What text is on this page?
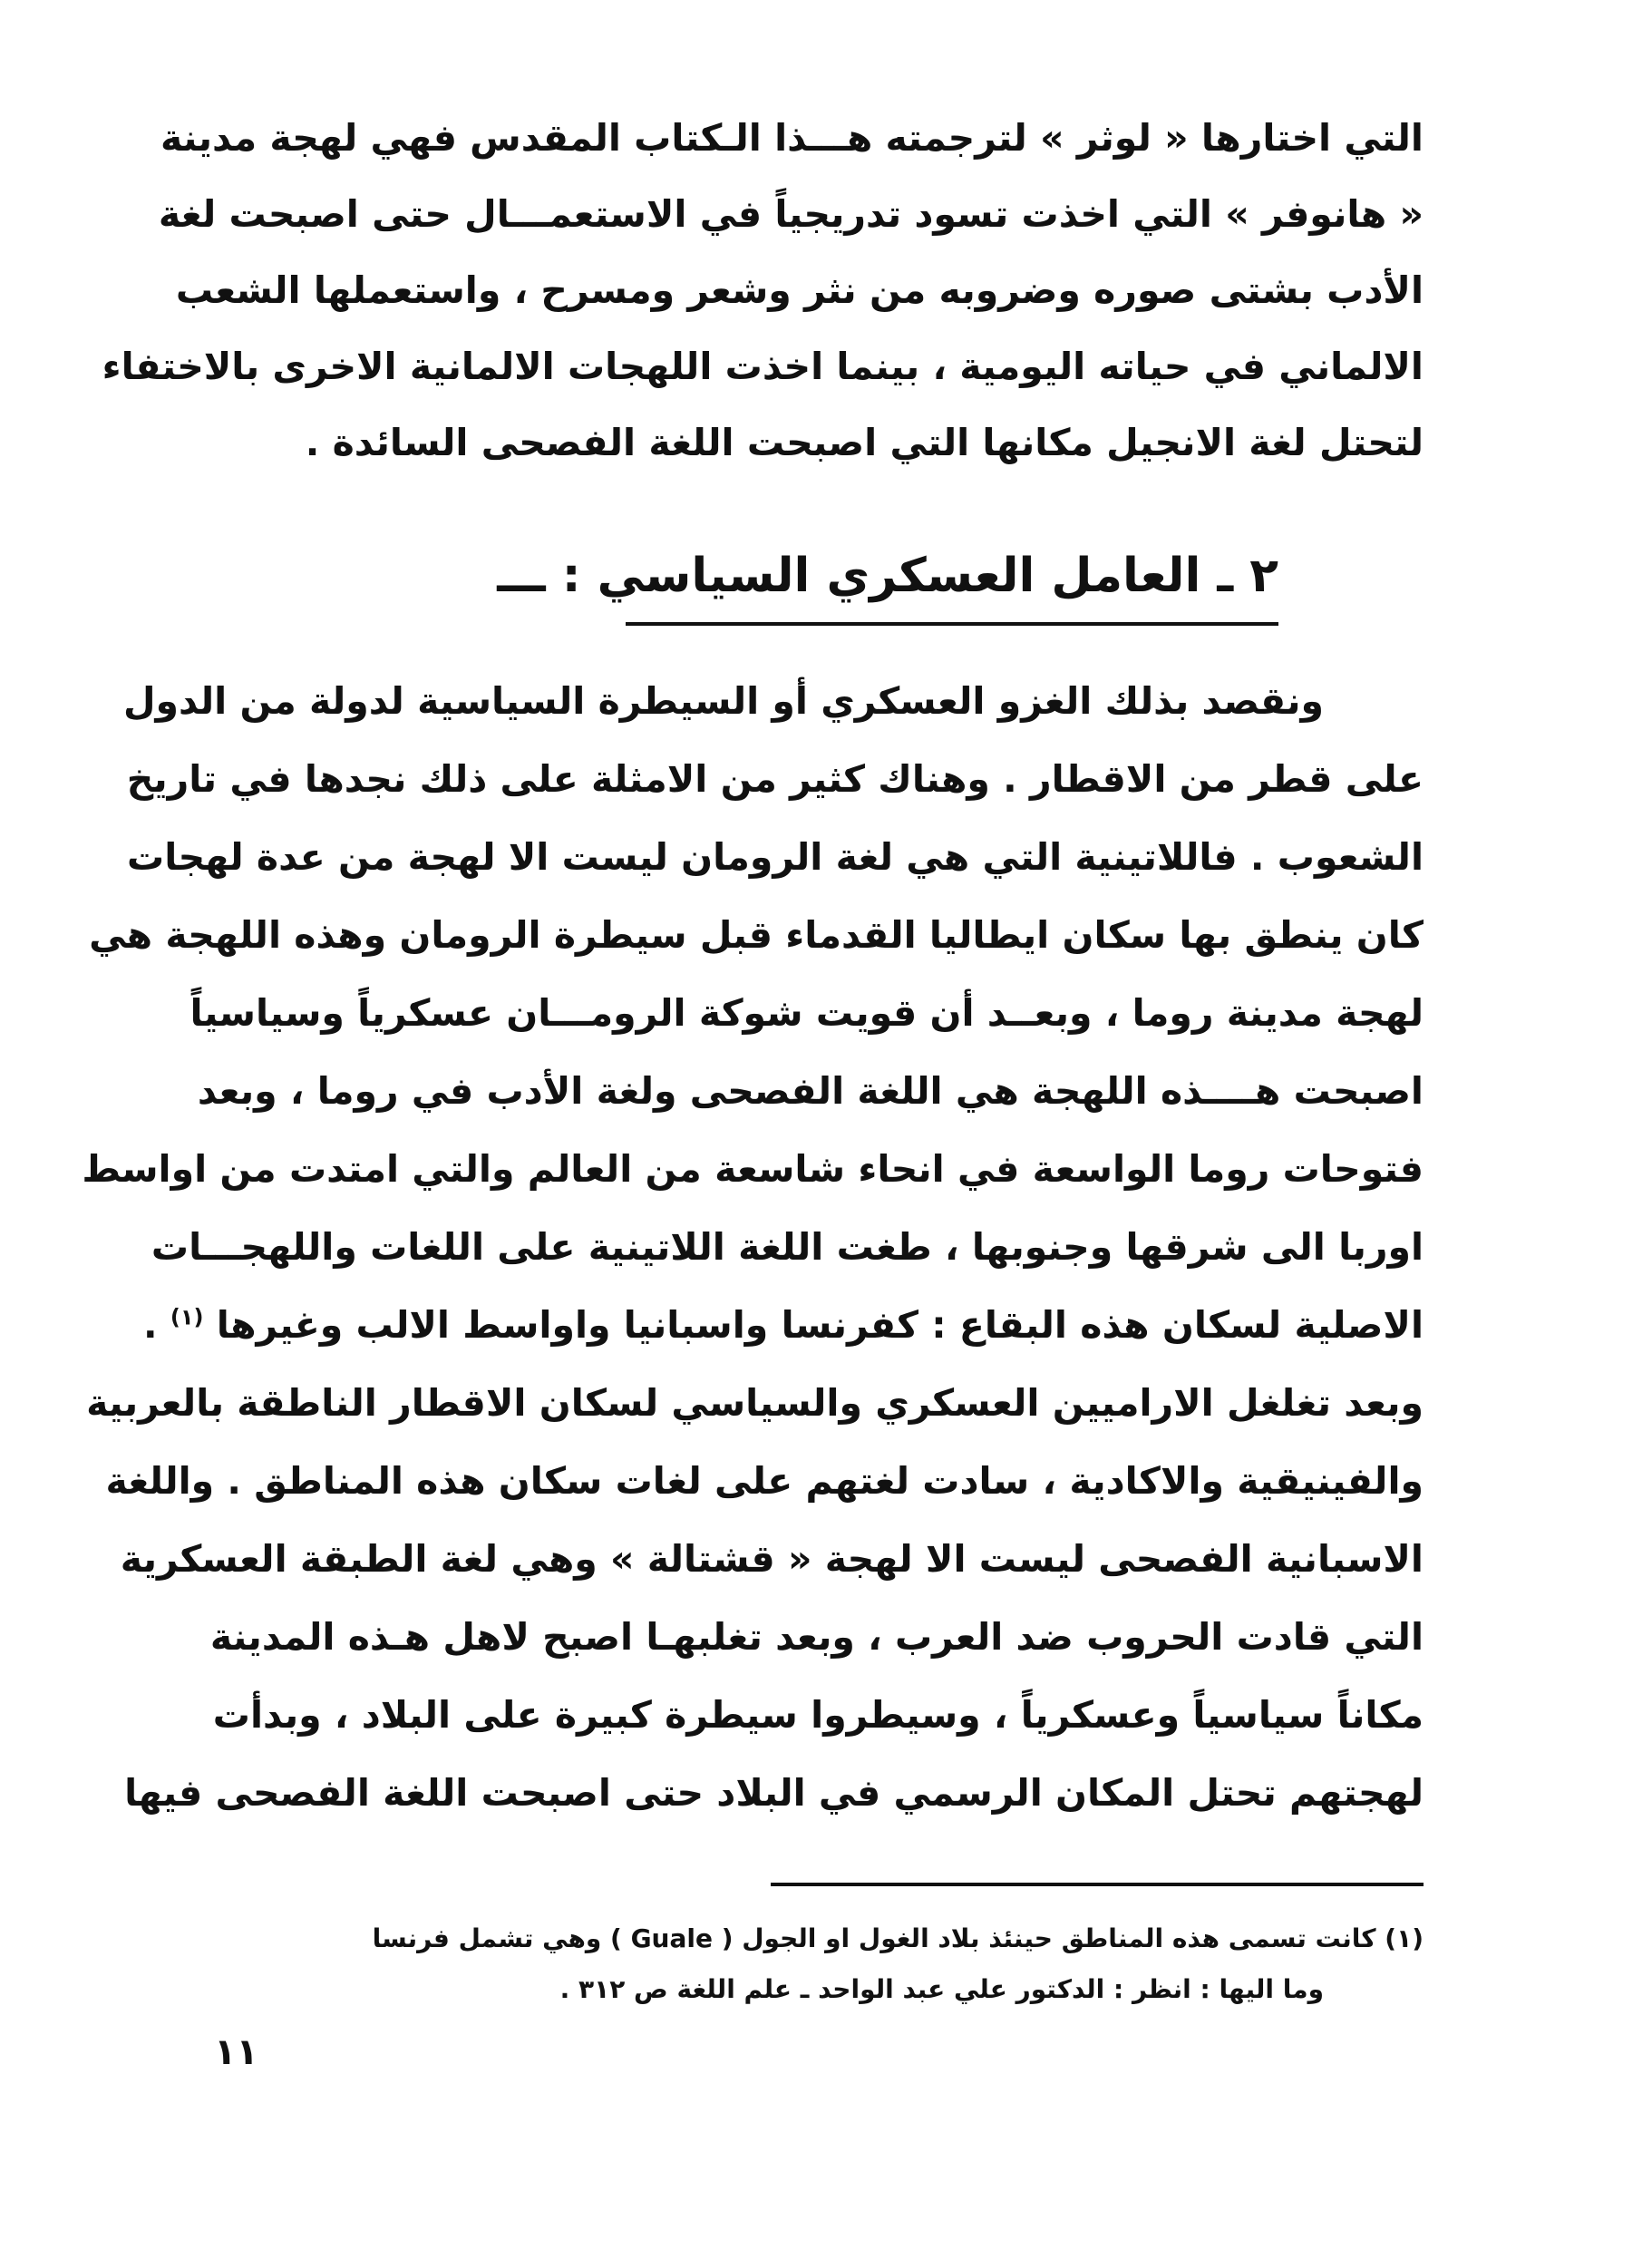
التي اختارها « لوثر » لترجمته هـــذا الـكتاب المقدس فهي لهجة مدينة
« هانوفر » التي اخذت تسود تدريجياً في الاستعمـــال حتى اصبحت لغة
الأدب بشتى صوره وضروبه من نثر وشعر ومسرح ، واستعملها الشعب
الالماني في حياته اليومية ، بينما اخذت اللهجات الالمانية الاخرى بالاختفاء
لتحتل لغة الانجيل مكانها التي اصبحت اللغة الفصحى السائدة .
٢ ـ العامل العسكري السياسي : ـــ
ونقصد بذلك الغزو العسكري أو السيطرة السياسية لدولة من الدول
على قطر من الاقطار . وهناك كثير من الامثلة على ذلك نجدها في تاريخ
الشعوب . فاللاتينية التي هي لغة الرومان ليست الا لهجة من عدة لهجات
كان ينطق بها سكان ايطاليا القدماء قبل سيطرة الرومان وهذه اللهجة هي
لهجة مدينة روما ، وبعــد أن قويت شوكة الرومـــان عسكرياً وسياسياً
اصبحت هــــذه اللهجة هي اللغة الفصحى ولغة الأدب في روما ، وبعد
فتوحات روما الواسعة في انحاء شاسعة من العالم والتي امتدت من اواسط
اوربا الى شرقها وجنوبها ، طغت اللغة اللاتينية على اللغات واللهجـــات
الاصلية لسكان هذه البقاع : كفرنسا واسبانيا واواسط الالب وغيرها $^{(١)}$ .
وبعد تغلغل الاراميين العسكري والسياسي لسكان الاقطار الناطقة بالعربية
والفينيقية والاكادية ، سادت لغتهم على لغات سكان هذه المناطق . واللغة
الاسبانية الفصحى ليست الا لهجة « قشتالة » وهي لغة الطبقة العسكرية
التي قادت الحروب ضد العرب ، وبعد تغلبهـا اصبح لاهل هـذه المدينة
مكاناً سياسياً وعسكرياً ، وسيطروا سيطرة كبيرة على البلاد ، وبدأت
لهجتهم تحتل المكان الرسمي في البلاد حتى اصبحت اللغة الفصحى فيها
(١) كانت تسمى هذه المناطق حينئذ بلاد الغول او الجول ( Guale ) وهي تشمل فرنسا
وما اليها : انظر : الدكتور علي عبد الواحد ـ علم اللغة ص ٣١٢ .
١١
